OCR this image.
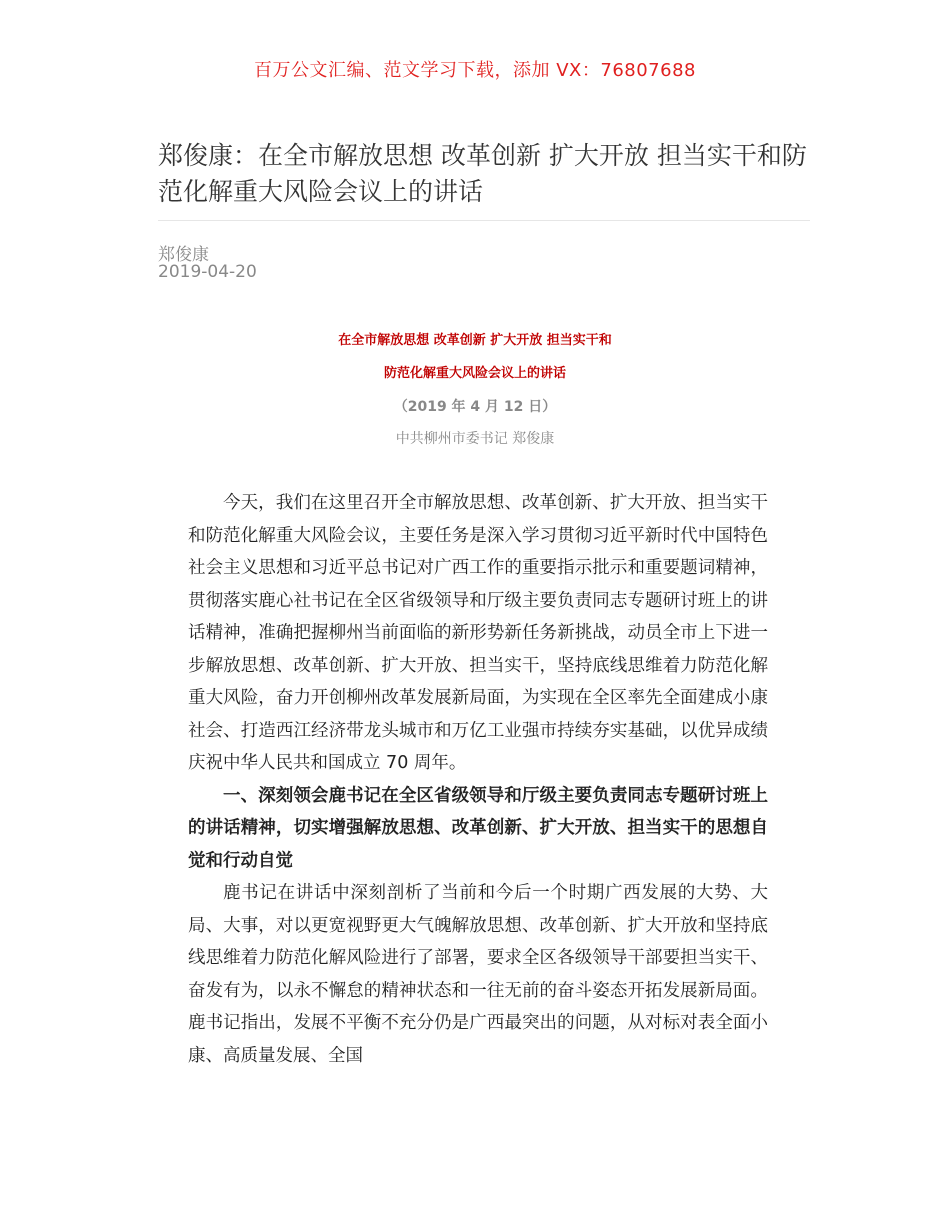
百万公文汇编、范文学习下载，添加 VX：76807688
郑俊康：在全市解放思想 改革创新 扩大开放 担当实干和防范化解重大风险会议上的讲话
郑俊康
2019-04-20
在全市解放思想 改革创新 扩大开放 担当实干和
防范化解重大风险会议上的讲话
（2019 年 4 月 12 日）
中共柳州市委书记 郑俊康

今天，我们在这里召开全市解放思想、改革创新、扩大开放、担当实干和防范化解重大风险会议，主要任务是深入学习贯彻习近平新时代中国特色社会主义思想和习近平总书记对广西工作的重要指示批示和重要题词精神，贯彻落实鹿心社书记在全区省级领导和厅级主要负责同志专题研讨班上的讲话精神，准确把握柳州当前面临的新形势新任务新挑战，动员全市上下进一步解放思想、改革创新、扩大开放、担当实干，坚持底线思维着力防范化解重大风险，奋力开创柳州改革发展新局面，为实现在全区率先全面建成小康社会、打造西江经济带龙头城市和万亿工业强市持续夯实基础，以优异成绩庆祝中华人民共和国成立 70 周年。

一、深刻领会鹿书记在全区省级领导和厅级主要负责同志专题研讨班上的讲话精神，切实增强解放思想、改革创新、扩大开放、担当实干的思想自觉和行动自觉

鹿书记在讲话中深刻剖析了当前和今后一个时期广西发展的大势、大局、大事，对以更宽视野更大气魄解放思想、改革创新、扩大开放和坚持底线思维着力防范化解风险进行了部署，要求全区各级领导干部要担当实干、奋发有为，以永不懈怠的精神状态和一往无前的奋斗姿态开拓发展新局面。鹿书记指出，发展不平衡不充分仍是广西最突出的问题，从对标对表全面小康、高质量发展、全国
